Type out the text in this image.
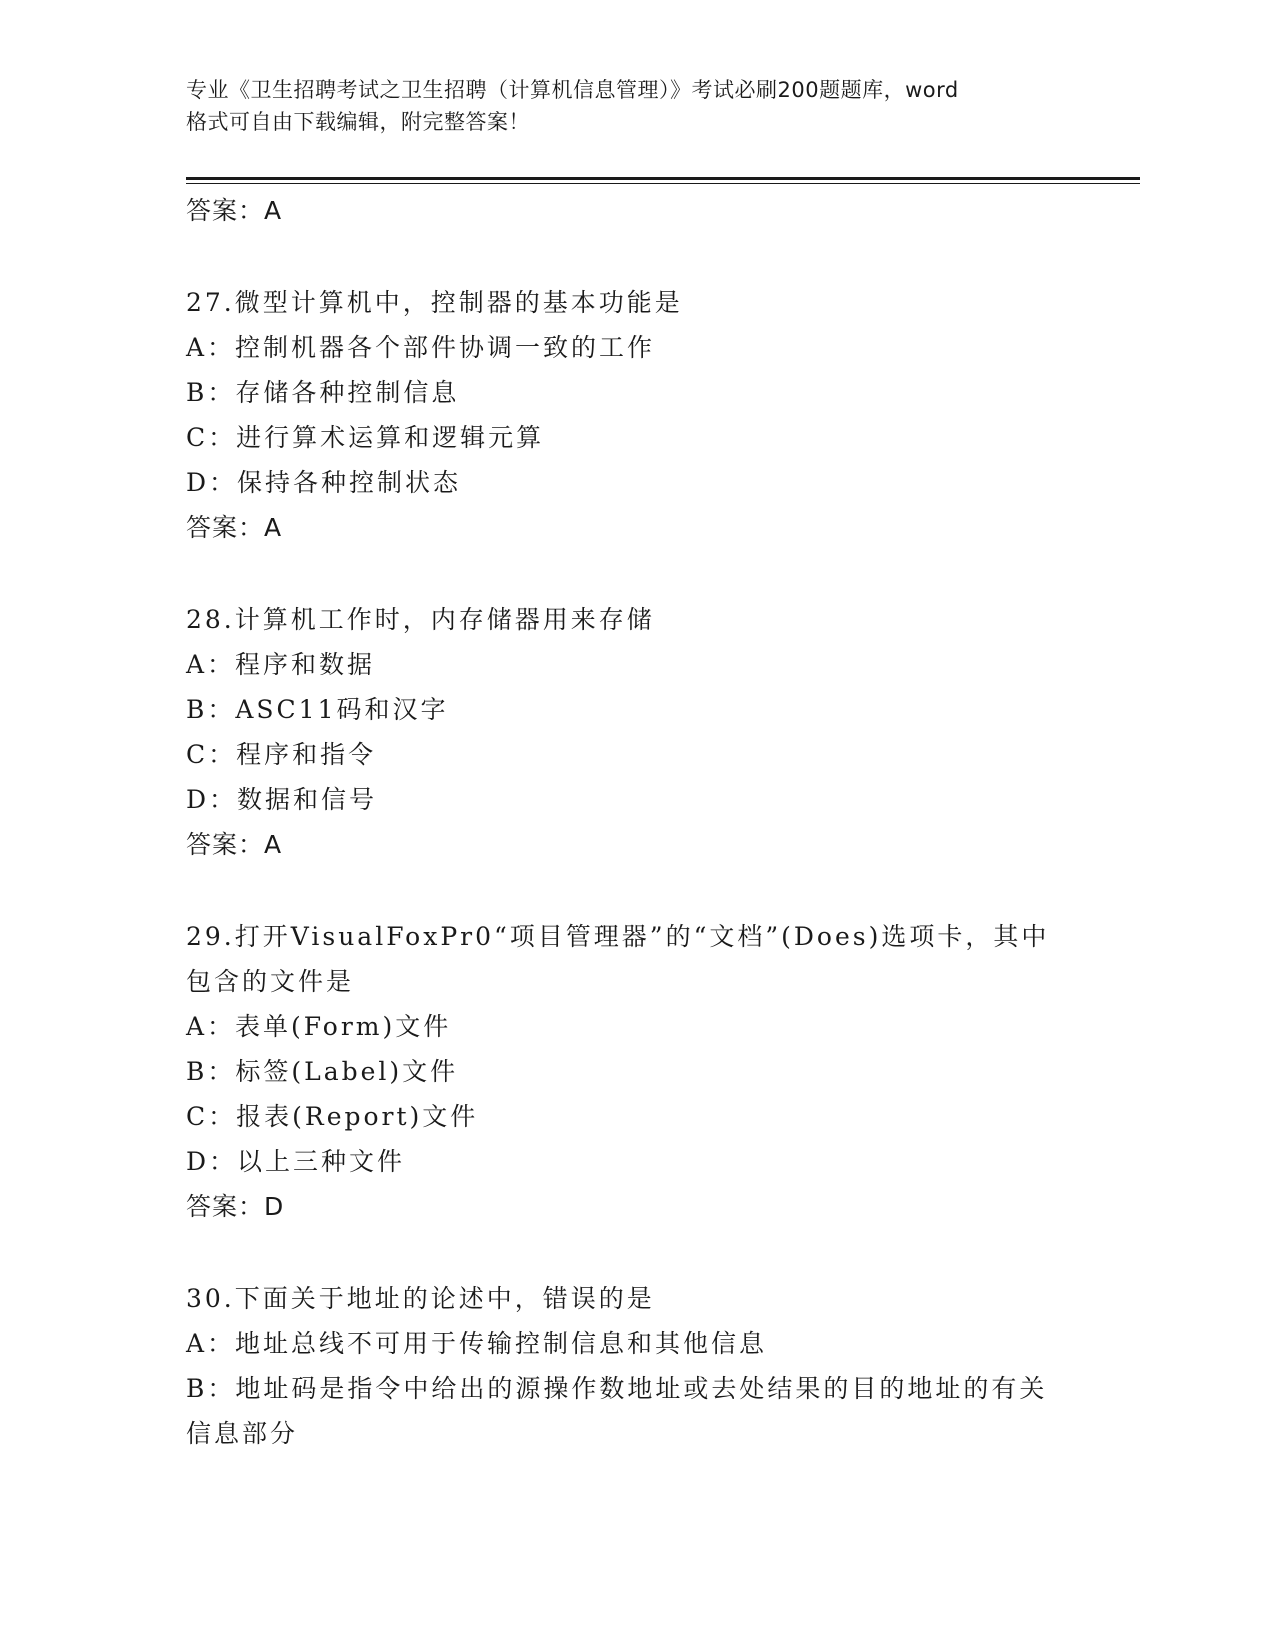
专业《卫生招聘考试之卫生招聘（计算机信息管理）》考试必刷200题题库，word
格式可自由下载编辑，附完整答案！
答案：A
27.微型计算机中，控制器的基本功能是
A：控制机器各个部件协调一致的工作
B：存储各种控制信息
C：进行算术运算和逻辑元算
D：保持各种控制状态
答案：A
28.计算机工作时，内存储器用来存储
A：程序和数据
B：ASC11码和汉字
C：程序和指令
D：数据和信号
答案：A
29.打开VisualFoxPr0“项目管理器”的“文档”(Does)选项卡，其中
包含的文件是
A：表单(Form)文件
B：标签(Label)文件
C：报表(Report)文件
D：以上三种文件
答案：D
30.下面关于地址的论述中，错误的是
A：地址总线不可用于传输控制信息和其他信息
B：地址码是指令中给出的源操作数地址或去处结果的目的地址的有关
信息部分
